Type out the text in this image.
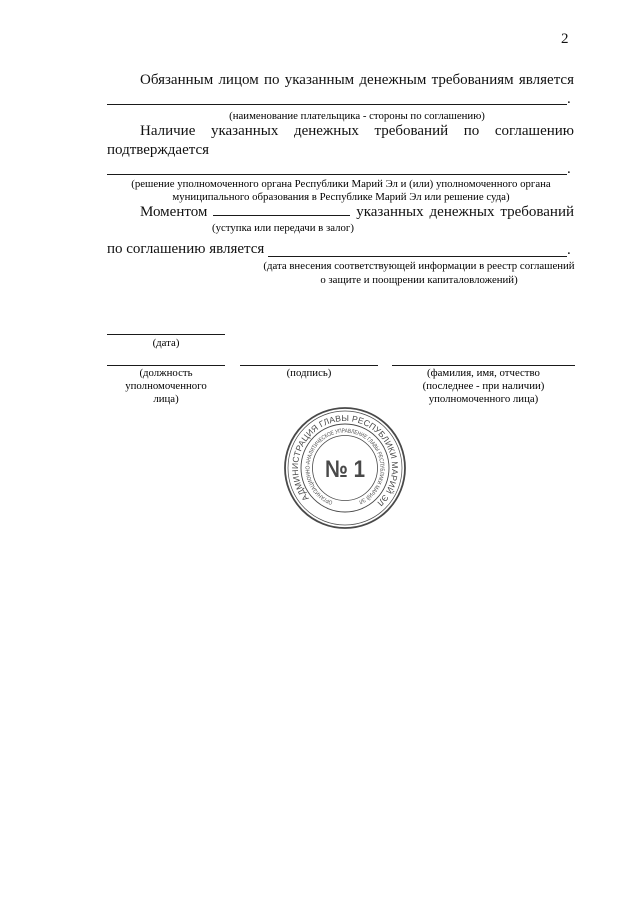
2
Обязанным лицом по указанным денежным требованиям является
.
(наименование плательщика - стороны по соглашению)
Наличие указанных денежных требований по соглашению
подтверждается
.
(решение уполномоченного органа Республики Марий Эл и (или) уполномоченного органа
муниципального образования в Республике Марий Эл или решение суда)
Моментом	указанных денежных требований
(уступка или передачи в залог)
по соглашению является	.
(дата внесения соответствующей информации в реестр соглашений
о защите и поощрении капиталовложений)
(дата)
(должность
уполномоченного
лица)
(подпись)	(фамилия, имя, отчество
(последнее - при наличии)
уполномоченного лица)
АДМИНИСТРАЦИЯ ГЛАВЫ РЕСПУБЛИКИ МАРИЙ ЭЛ
ОРГАНИЗАЦИОННО-АНАЛИТИЧЕСКОЕ УПРАВЛЕНИЕ ГЛАВЫ РЕСПУБЛИКИ МАРИЙ ЭЛ
№ 1
